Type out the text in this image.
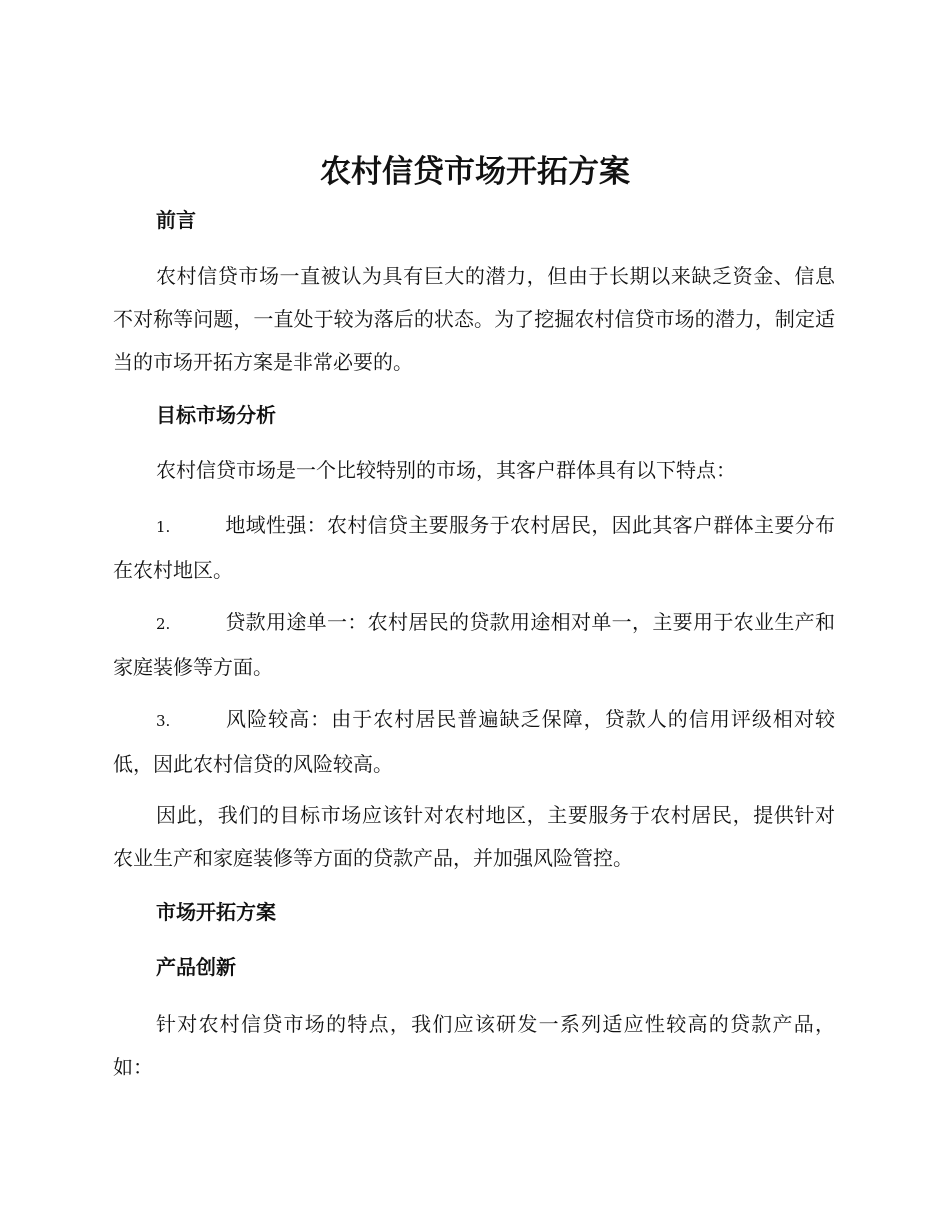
农村信贷市场开拓方案
前言

农村信贷市场一直被认为具有巨大的潜力，但由于长期以来缺乏资金、信息不对称等问题，一直处于较为落后的状态。为了挖掘农村信贷市场的潜力，制定适当的市场开拓方案是非常必要的。

目标市场分析

农村信贷市场是一个比较特别的市场，其客户群体具有以下特点：

1.	地域性强：农村信贷主要服务于农村居民，因此其客户群体主要分布在农村地区。

2.	贷款用途单一：农村居民的贷款用途相对单一，主要用于农业生产和家庭装修等方面。

3.	风险较高：由于农村居民普遍缺乏保障，贷款人的信用评级相对较低，因此农村信贷的风险较高。

因此，我们的目标市场应该针对农村地区，主要服务于农村居民，提供针对农业生产和家庭装修等方面的贷款产品，并加强风险管控。

市场开拓方案
产品创新

针对农村信贷市场的特点，我们应该研发一系列适应性较高的贷款产品，如：
